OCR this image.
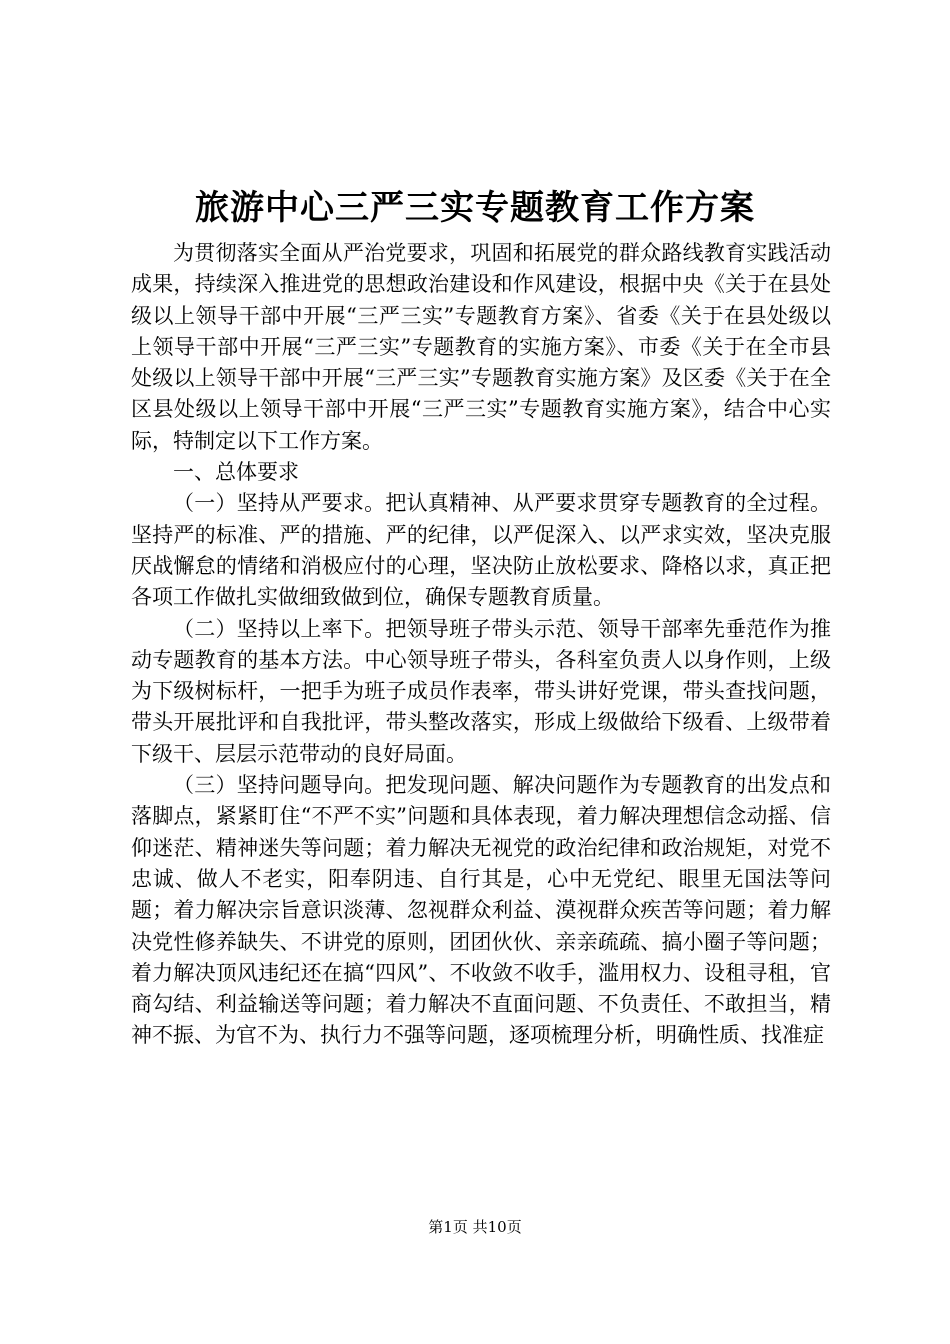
旅游中心三严三实专题教育工作方案

为贯彻落实全面从严治党要求，巩固和拓展党的群众路线教育实践活动成果，持续深入推进党的思想政治建设和作风建设，根据中央《关于在县处级以上领导干部中开展“三严三实”专题教育方案》、省委《关于在县处级以上领导干部中开展“三严三实”专题教育的实施方案》、市委《关于在全市县处级以上领导干部中开展“三严三实”专题教育实施方案》及区委《关于在全区县处级以上领导干部中开展“三严三实”专题教育实施方案》，结合中心实际，特制定以下工作方案。

一、总体要求

（一）坚持从严要求。把认真精神、从严要求贯穿专题教育的全过程。坚持严的标准、严的措施、严的纪律，以严促深入、以严求实效，坚决克服厌战懈怠的情绪和消极应付的心理，坚决防止放松要求、降格以求，真正把各项工作做扎实做细致做到位，确保专题教育质量。

（二）坚持以上率下。把领导班子带头示范、领导干部率先垂范作为推动专题教育的基本方法。中心领导班子带头，各科室负责人以身作则，上级为下级树标杆，一把手为班子成员作表率，带头讲好党课，带头查找问题，带头开展批评和自我批评，带头整改落实，形成上级做给下级看、上级带着下级干、层层示范带动的良好局面。

（三）坚持问题导向。把发现问题、解决问题作为专题教育的出发点和落脚点，紧紧盯住“不严不实”问题和具体表现，着力解决理想信念动摇、信仰迷茫、精神迷失等问题；着力解决无视党的政治纪律和政治规矩，对党不忠诚、做人不老实，阳奉阴违、自行其是，心中无党纪、眼里无国法等问题；着力解决宗旨意识淡薄、忽视群众利益、漠视群众疾苦等问题；着力解决党性修养缺失、不讲党的原则，团团伙伙、亲亲疏疏、搞小圈子等问题；着力解决顶风违纪还在搞“四风”、不收敛不收手，滥用权力、设租寻租，官商勾结、利益输送等问题；着力解决不直面问题、不负责任、不敢担当，精神不振、为官不为、执行力不强等问题，逐项梳理分析，明确性质、找准症

第1页 共10页
